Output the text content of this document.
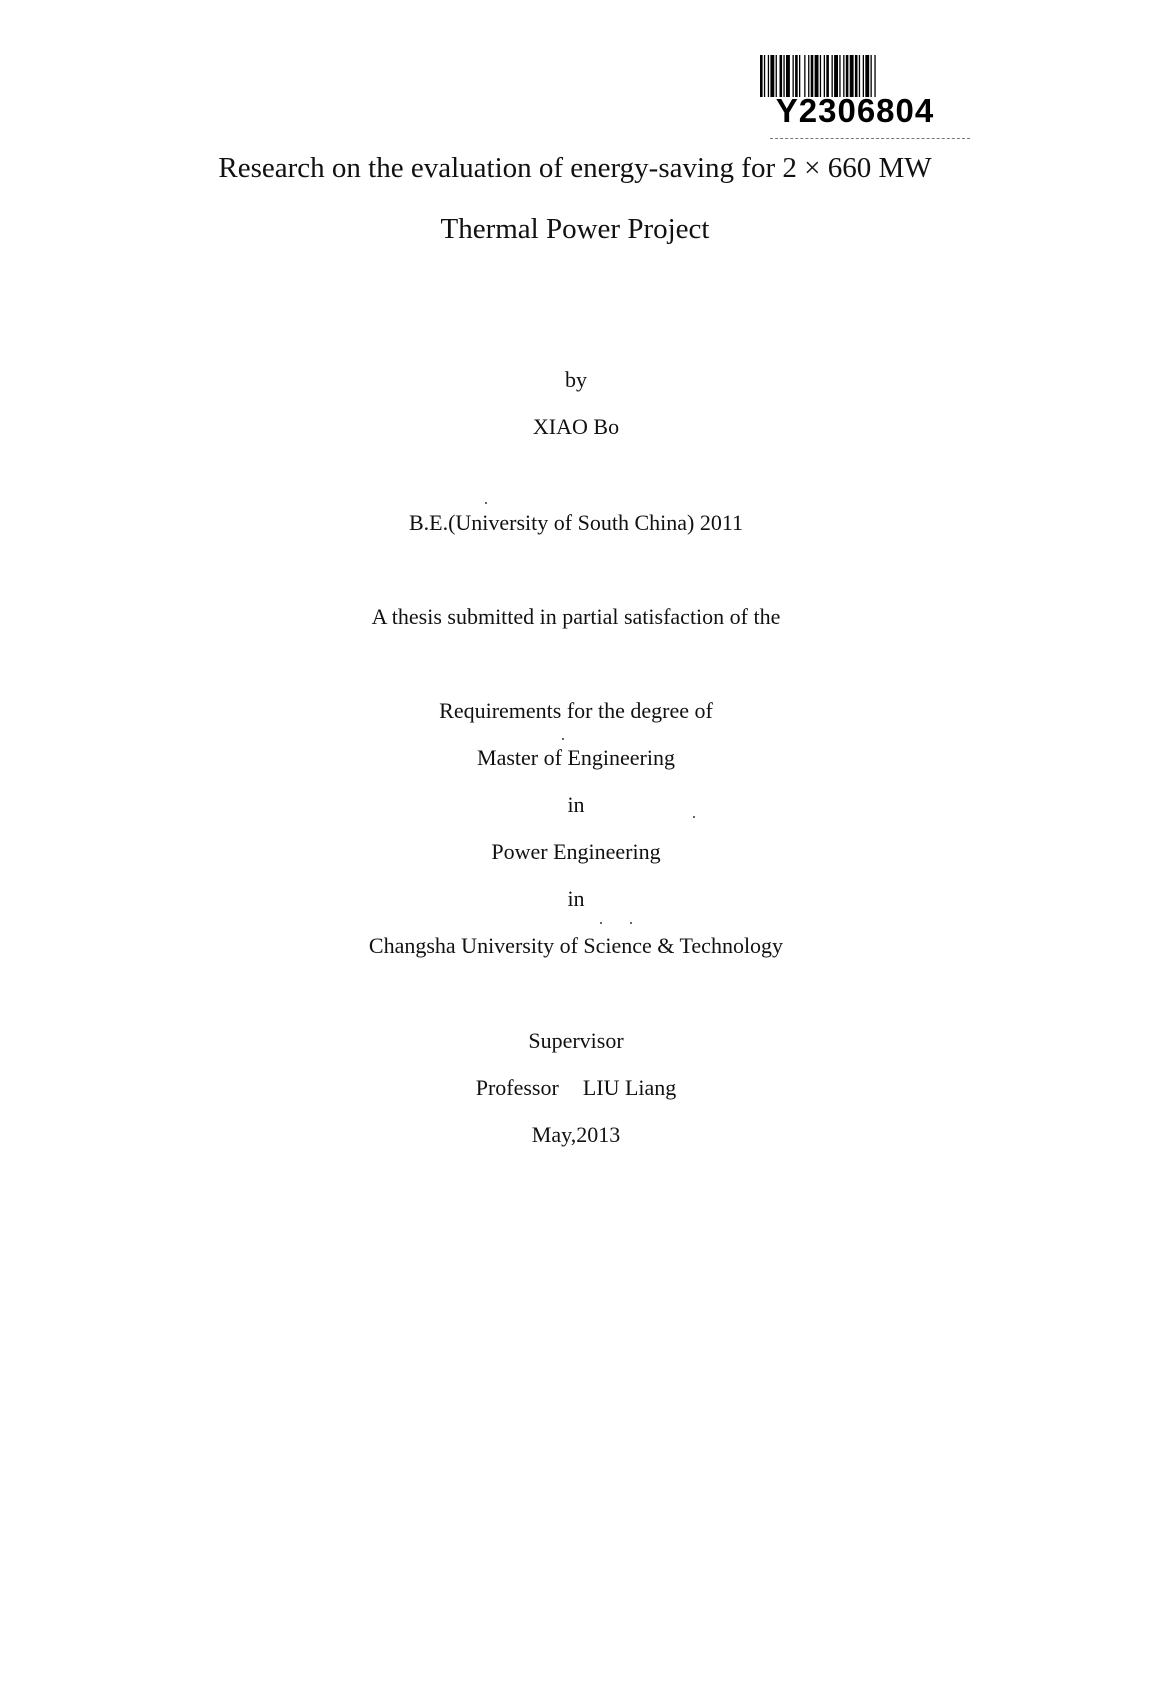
Y2306804
Research on the evaluation of energy-saving for 2 × 660 MW
Thermal Power Project
by
XIAO Bo
B.E.(University of South China) 2011
A thesis submitted in partial satisfaction of the
Requirements for the degree of
Master of Engineering
in
Power Engineering
in
Changsha University of Science & Technology
Supervisor
Professor LIU Liang
May,2013
